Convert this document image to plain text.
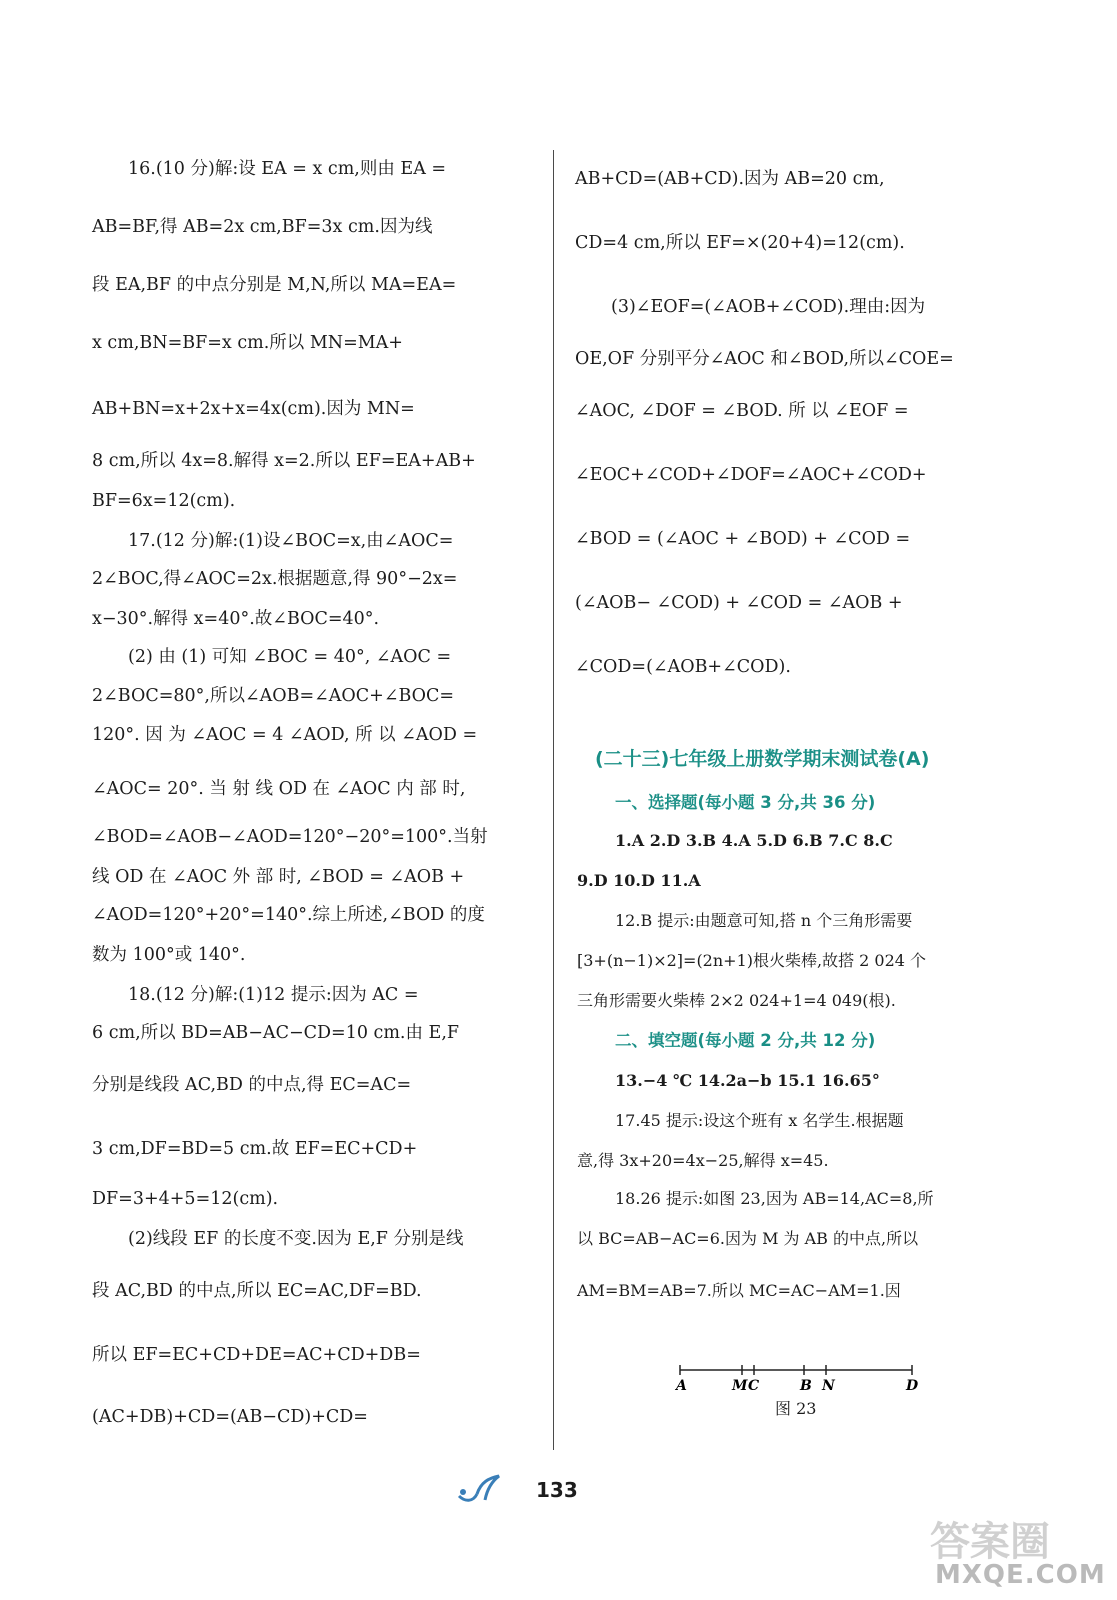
16.(10 分)解:设 EA = x cm,则由 EA =
AB=BF,得 AB=2x cm,BF=3x cm.因为线
段 EA,BF 的中点分别是 M,N,所以 MA=EA=
x cm,BN=BF=x cm.所以 MN=MA+
AB+BN=x+2x+x=4x(cm).因为 MN=
8 cm,所以 4x=8.解得 x=2.所以 EF=EA+AB+
BF=6x=12(cm).
17.(12 分)解:(1)设∠BOC=x,由∠AOC=
2∠BOC,得∠AOC=2x.根据题意,得 90°−2x=
x−30°.解得 x=40°.故∠BOC=40°.
(2) 由 (1) 可知 ∠BOC = 40°, ∠AOC =
2∠BOC=80°,所以∠AOB=∠AOC+∠BOC=
120°. 因 为 ∠AOC = 4 ∠AOD, 所 以 ∠AOD =
∠AOC= 20°. 当 射 线 OD 在 ∠AOC 内 部 时,
∠BOD=∠AOB−∠AOD=120°−20°=100°.当射
线 OD 在 ∠AOC 外 部 时, ∠BOD = ∠AOB +
∠AOD=120°+20°=140°.综上所述,∠BOD 的度
数为 100°或 140°.
18.(12 分)解:(1)12 提示:因为 AC =
6 cm,所以 BD=AB−AC−CD=10 cm.由 E,F
分别是线段 AC,BD 的中点,得 EC=AC=
3 cm,DF=BD=5 cm.故 EF=EC+CD+
DF=3+4+5=12(cm).
(2)线段 EF 的长度不变.因为 E,F 分别是线
段 AC,BD 的中点,所以 EC=AC,DF=BD.
所以 EF=EC+CD+DE=AC+CD+DB=
(AC+DB)+CD=(AB−CD)+CD=
AB+CD=(AB+CD).因为 AB=20 cm,
CD=4 cm,所以 EF=×(20+4)=12(cm).
(3)∠EOF=(∠AOB+∠COD).理由:因为
OE,OF 分别平分∠AOC 和∠BOD,所以∠COE=
∠AOC, ∠DOF = ∠BOD. 所 以 ∠EOF =
∠EOC+∠COD+∠DOF=∠AOC+∠COD+
∠BOD = (∠AOC + ∠BOD) + ∠COD =
(∠AOB− ∠COD) + ∠COD = ∠AOB +
∠COD=(∠AOB+∠COD).
(二十三)七年级上册数学期末测试卷(A)
一、选择题(每小题 3 分,共 36 分)
1.A 2.D 3.B 4.A 5.D 6.B 7.C 8.C
9.D 10.D 11.A
12.B 提示:由题意可知,搭 n 个三角形需要
[3+(n−1)×2]=(2n+1)根火柴棒,故搭 2 024 个
三角形需要火柴棒 2×2 024+1=4 049(根).
二、填空题(每小题 2 分,共 12 分)
13.−4 ℃ 14.2a−b 15.1 16.65°
17.45 提示:设这个班有 x 名学生.根据题
意,得 3x+20=4x−25,解得 x=45.
18.26 提示:如图 23,因为 AB=14,AC=8,所
以 BC=AB−AC=6.因为 M 为 AB 的中点,所以
AM=BM=AB=7.所以 MC=AC−AM=1.因
A	M C	B N	D
图 23
133
答案圈
MXQE.COM
